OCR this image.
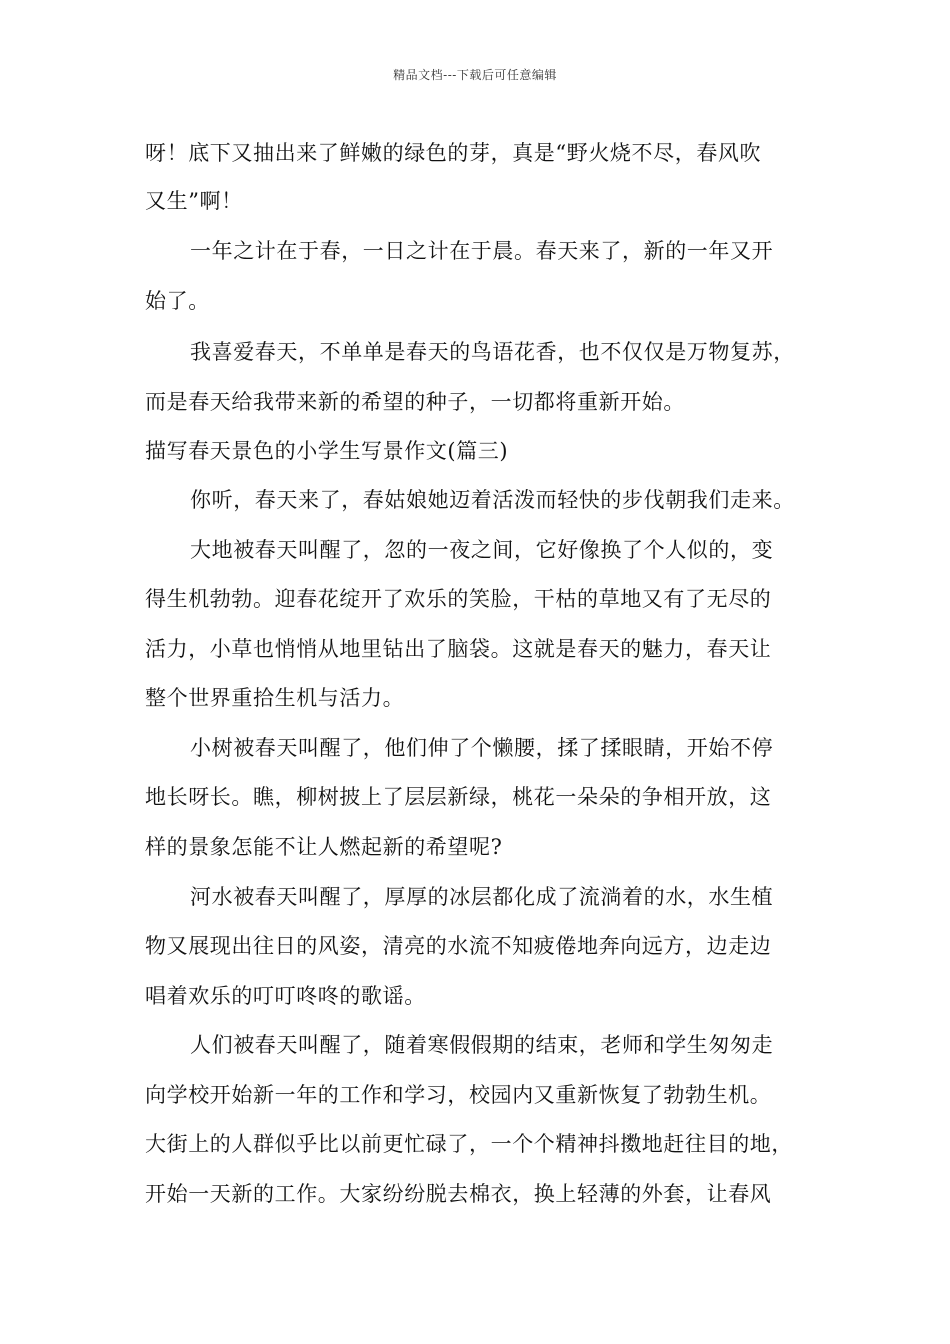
精品文档---下载后可任意编辑
呀！底下又抽出来了鲜嫩的绿色的芽，真是“野火烧不尽，春风吹
又生”啊！
一年之计在于春，一日之计在于晨。春天来了，新的一年又开
始了。
我喜爱春天，不单单是春天的鸟语花香，也不仅仅是万物复苏，
而是春天给我带来新的希望的种子，一切都将重新开始。
描写春天景色的小学生写景作文(篇三)
你听，春天来了，春姑娘她迈着活泼而轻快的步伐朝我们走来。
大地被春天叫醒了，忽的一夜之间，它好像换了个人似的，变
得生机勃勃。迎春花绽开了欢乐的笑脸，干枯的草地又有了无尽的
活力，小草也悄悄从地里钻出了脑袋。这就是春天的魅力，春天让
整个世界重拾生机与活力。
小树被春天叫醒了，他们伸了个懒腰，揉了揉眼睛，开始不停
地长呀长。瞧，柳树披上了层层新绿，桃花一朵朵的争相开放，这
样的景象怎能不让人燃起新的希望呢?
河水被春天叫醒了，厚厚的冰层都化成了流淌着的水，水生植
物又展现出往日的风姿，清亮的水流不知疲倦地奔向远方，边走边
唱着欢乐的叮叮咚咚的歌谣。
人们被春天叫醒了，随着寒假假期的结束，老师和学生匆匆走
向学校开始新一年的工作和学习，校园内又重新恢复了勃勃生机。
大街上的人群似乎比以前更忙碌了，一个个精神抖擞地赶往目的地，
开始一天新的工作。大家纷纷脱去棉衣，换上轻薄的外套，让春风
